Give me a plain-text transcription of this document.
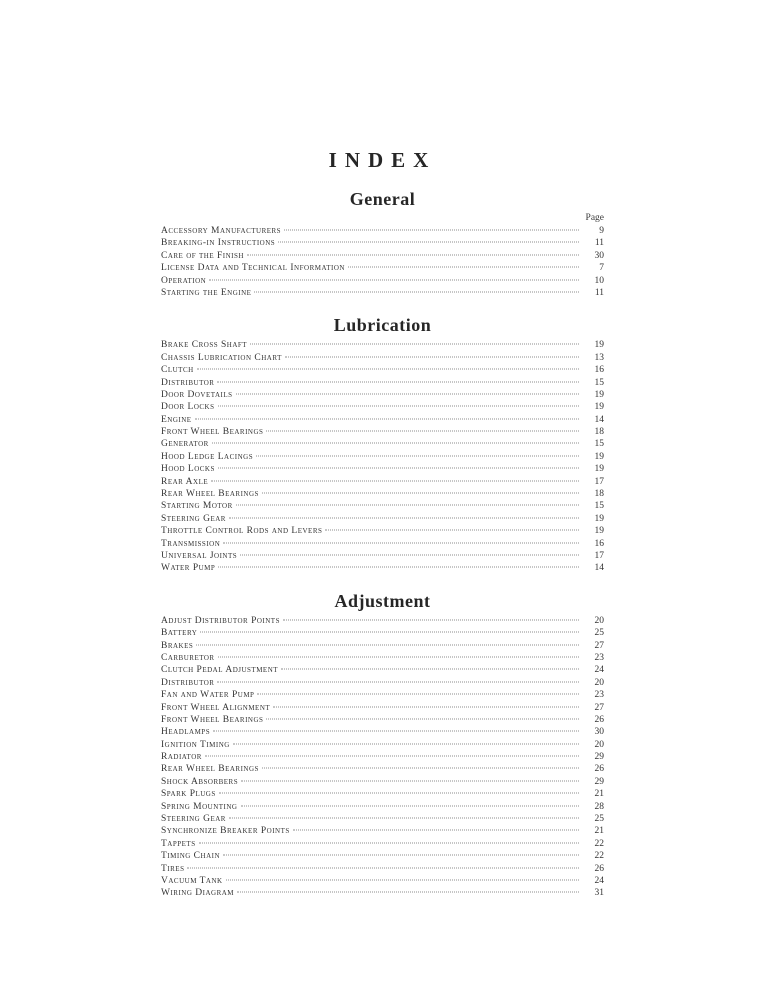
INDEX
General
Page
Accessory Manufacturers	9
Breaking-in Instructions	11
Care of the Finish	30
License Data and Technical Information	7
Operation	10
Starting the Engine	11
Lubrication
Brake Cross Shaft	19
Chassis Lubrication Chart	13
Clutch	16
Distributor	15
Door Dovetails	19
Door Locks	19
Engine	14
Front Wheel Bearings	18
Generator	15
Hood Ledge Lacings	19
Hood Locks	19
Rear Axle	17
Rear Wheel Bearings	18
Starting Motor	15
Steering Gear	19
Throttle Control Rods and Levers	19
Transmission	16
Universal Joints	17
Water Pump	14
Adjustment
Adjust Distributor Points	20
Battery	25
Brakes	27
Carburetor	23
Clutch Pedal Adjustment	24
Distributor	20
Fan and Water Pump	23
Front Wheel Alignment	27
Front Wheel Bearings	26
Headlamps	30
Ignition Timing	20
Radiator	29
Rear Wheel Bearings	26
Shock Absorbers	29
Spark Plugs	21
Spring Mounting	28
Steering Gear	25
Synchronize Breaker Points	21
Tappets	22
Timing Chain	22
Tires	26
Vacuum Tank	24
Wiring Diagram	31
